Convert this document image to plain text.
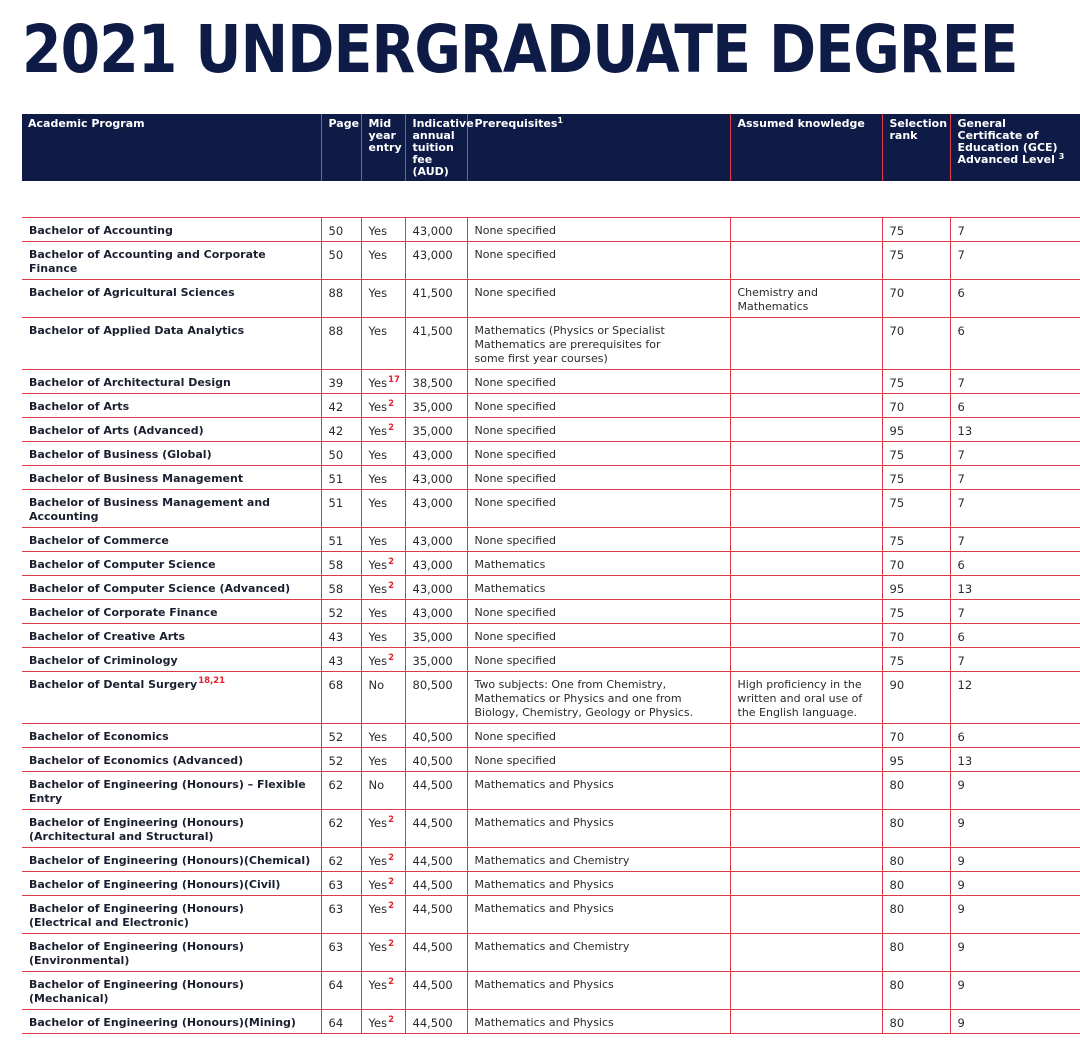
2021 UNDERGRADUATE DEGREE
Academic Program	Page	Mid year entry	Indicative annual tuition fee (AUD)	Prerequisites$^1$	Assumed knowledge	Selection rank	General Certificate of Education (GCE) Advanced Level $^3$

Bachelor of Accounting	50	Yes	43,000	None specified		75	7
Bachelor of Accounting and Corporate Finance	50	Yes	43,000	None specified		75	7
Bachelor of Agricultural Sciences	88	Yes	41,500	None specified	Chemistry and
Mathematics	70	6
Bachelor of Applied Data Analytics	88	Yes	41,500	Mathematics (Physics or Specialist
Mathematics are prerequisites for
some first year courses)		70	6
Bachelor of Architectural Design	39	Yes$^{17}$	38,500	None specified		75	7
Bachelor of Arts	42	Yes$^2$	35,000	None specified		70	6
Bachelor of Arts (Advanced)	42	Yes$^2$	35,000	None specified		95	13
Bachelor of Business (Global)	50	Yes	43,000	None specified		75	7
Bachelor of Business Management	51	Yes	43,000	None specified		75	7
Bachelor of Business Management and Accounting	51	Yes	43,000	None specified		75	7
Bachelor of Commerce	51	Yes	43,000	None specified		75	7
Bachelor of Computer Science	58	Yes$^2$	43,000	Mathematics		70	6
Bachelor of Computer Science (Advanced)	58	Yes$^2$	43,000	Mathematics		95	13
Bachelor of Corporate Finance	52	Yes	43,000	None specified		75	7
Bachelor of Creative Arts	43	Yes	35,000	None specified		70	6
Bachelor of Criminology	43	Yes$^2$	35,000	None specified		75	7
Bachelor of Dental Surgery$^{18,21}$	68	No	80,500	Two subjects: One from Chemistry,
Mathematics or Physics and one from
Biology, Chemistry, Geology or Physics.	High proficiency in the
written and oral use of
the English language.	90	12
Bachelor of Economics	52	Yes	40,500	None specified		70	6
Bachelor of Economics (Advanced)	52	Yes	40,500	None specified		95	13
Bachelor of Engineering (Honours) – Flexible Entry	62	No	44,500	Mathematics and Physics		80	9
Bachelor of Engineering (Honours)
(Architectural and Structural)	62	Yes$^2$	44,500	Mathematics and Physics		80	9
Bachelor of Engineering (Honours)(Chemical)	62	Yes$^2$	44,500	Mathematics and Chemistry		80	9
Bachelor of Engineering (Honours)(Civil)	63	Yes$^2$	44,500	Mathematics and Physics		80	9
Bachelor of Engineering (Honours)
(Electrical and Electronic)	63	Yes$^2$	44,500	Mathematics and Physics		80	9
Bachelor of Engineering (Honours)(Environmental)	63	Yes$^2$	44,500	Mathematics and Chemistry		80	9
Bachelor of Engineering (Honours)(Mechanical)	64	Yes$^2$	44,500	Mathematics and Physics		80	9
Bachelor of Engineering (Honours)(Mining)	64	Yes$^2$	44,500	Mathematics and Physics		80	9
